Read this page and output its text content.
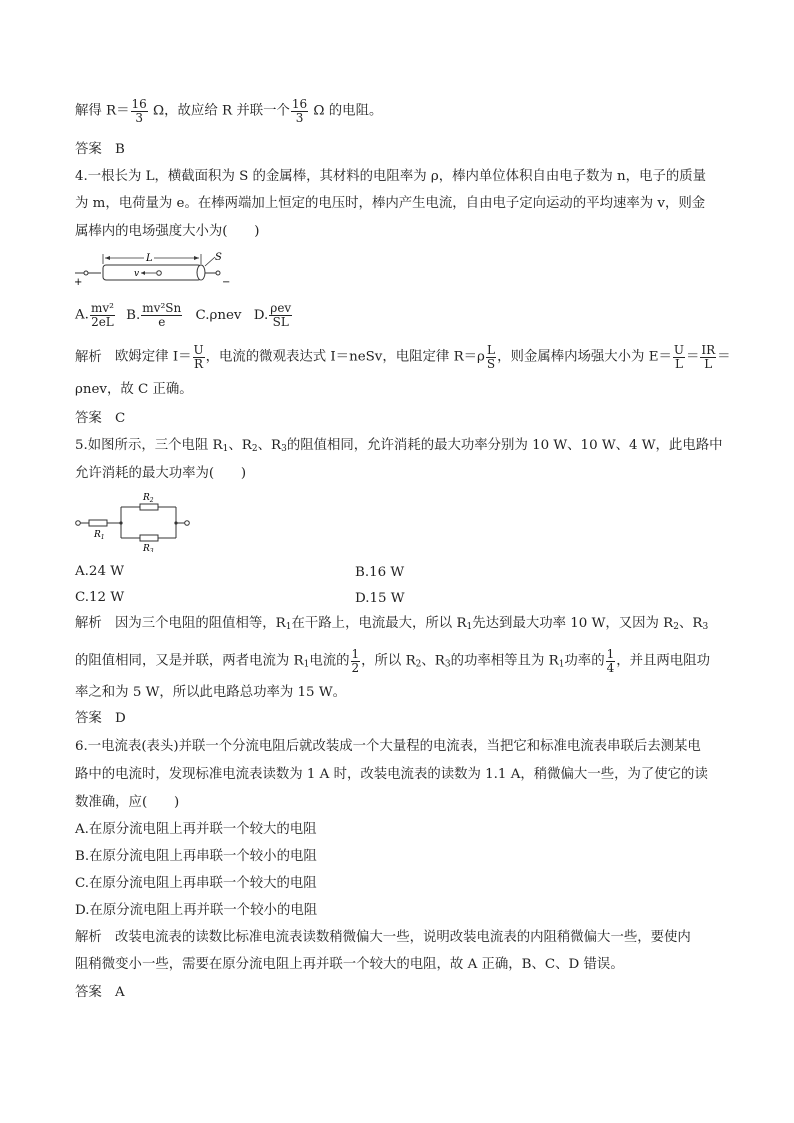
解得 $R= \frac{16}{3}$ Ω，故应给 R 并联一个 $\frac{16}{3}$ Ω 的电阻。
答案 B
4.一根长为 L，横截面积为 S 的金属棒，其材料的电阻率为 ρ，棒内单位体积自由电子数为 n，电子的质量
为 m，电荷量为 e。在棒两端加上恒定的电压时，棒内产生电流，自由电子定向运动的平均速率为 v，则金
属棒内的电场强度大小为(　　)
+	−
L
v
S
A. $\frac{\text{mv²}}{2eL} B$. $\frac{\text{mv²Sn}}{e} C.\rho nev$ D. $\frac{\text{ρev}}{SL}$
解析 欧姆定律 $I= \frac{U}{R}$ ，电流的微观表达式 I＝neSv，电阻定律 $R=\rho \frac{L}{S}$ ，则金属棒内场强大小为 $E= \frac{U}{L} = \frac{IR}{L}$ ＝
ρnev，故 C 正确。
答案 C
5.如图所示，三个电阻 $R_1$、$R_2$、$R_3$的阻值相同，允许消耗的最大功率分别为 10 W、10 W、4 W，此电路中
允许消耗的最大功率为(　　)
$R_1$
$R_2$
$R_3$
A.24 W	B.16 W
C.12 W	D.15 W
解析 因为三个电阻的阻值相等，$R_1$在干路上，电流最大，所以 $R_1$先达到最大功率 10 W，又因为 $R_2$、$R_3$
的阻值相同，又是并联，两者电流为 $R_1$电流的 $\frac{1}{2}$ ，所以 $R_2$、$R_3$的功率相等且为 $R_1$功率的 $\frac{1}{4}$ ，并且两电阻功
率之和为 5 W，所以此电路总功率为 15 W。
答案 D
6.一电流表(表头)并联一个分流电阻后就改装成一个大量程的电流表，当把它和标准电流表串联后去测某电
路中的电流时，发现标准电流表读数为 1 A 时，改装电流表的读数为 1.1 A，稍微偏大一些，为了使它的读
数准确，应(　　)
A.在原分流电阻上再并联一个较大的电阻
B.在原分流电阻上再串联一个较小的电阻
C.在原分流电阻上再串联一个较大的电阻
D.在原分流电阻上再并联一个较小的电阻
解析 改装电流表的读数比标准电流表读数稍微偏大一些，说明改装电流表的内阻稍微偏大一些，要使内
阻稍微变小一些，需要在原分流电阻上再并联一个较大的电阻，故 A 正确，B、C、D 错误。
答案 A
